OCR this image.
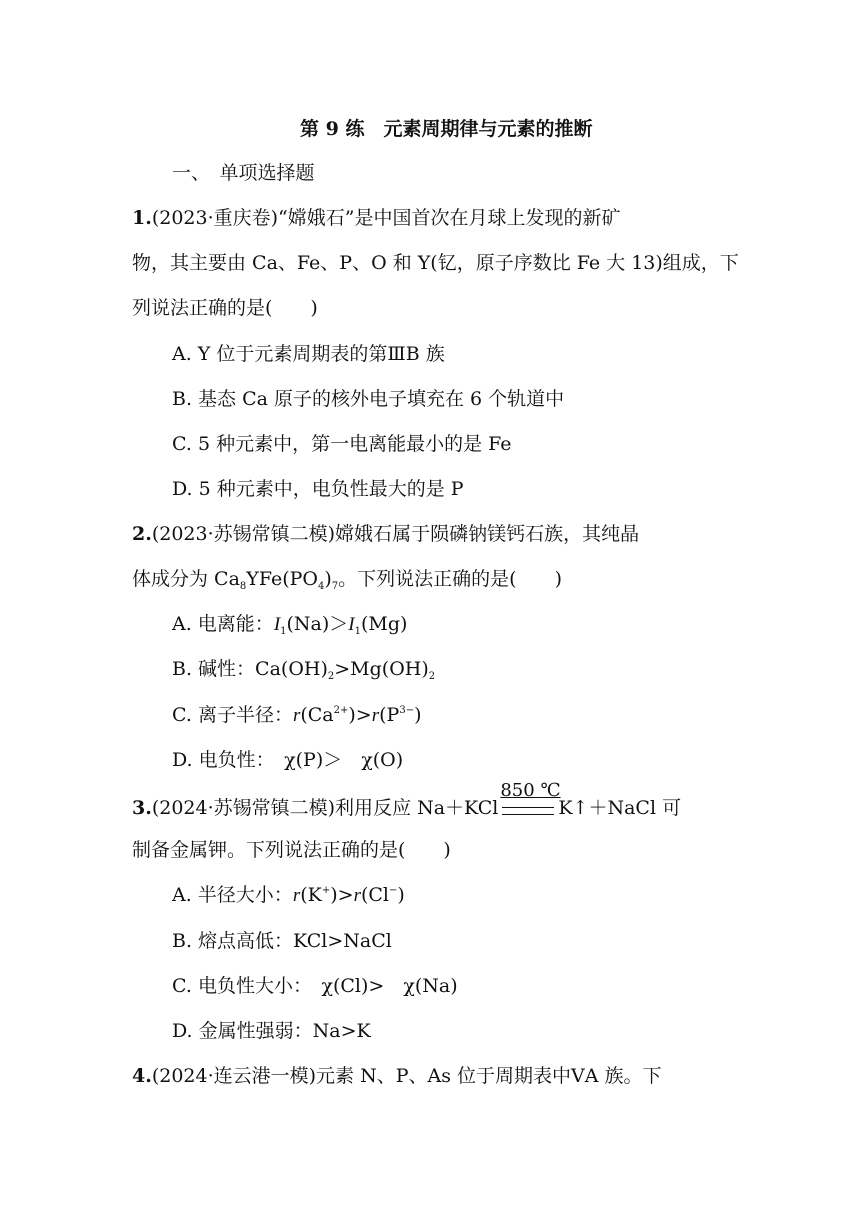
第 9 练　元素周期律与元素的推断
一、　单项选择题
1.(2023·重庆卷)“嫦娥石”是中国首次在月球上发现的新矿
物，其主要由 Ca、Fe、P、O 和 Y(钇，原子序数比 Fe 大 13)组成，下
列说法正确的是(　　)
A. Y 位于元素周期表的第ⅢB 族
B. 基态 Ca 原子的核外电子填充在 6 个轨道中
C. 5 种元素中，第一电离能最小的是 Fe
D. 5 种元素中，电负性最大的是 P
2.(2023·苏锡常镇二模)嫦娥石属于陨磷钠镁钙石族，其纯晶
体成分为 $Ca_8YFe(PO_4)_7$。下列说法正确的是(　　)
A. 电离能：$I_1(Na)>I_1(Mg)$
B. 碱性：$Ca(OH)_2>Mg(OH)_2$
C. 离子半径：$r(Ca^{2+})>r(P^{3-})$
D. 电负性：　χ(P)＞　χ(O)
3.(2024·苏锡常镇二模)利用反应 Na＋KCl
850 ℃
K↑＋NaCl 可
制备金属钾。下列说法正确的是(　　)
A. 半径大小：r(K+)>r(Cl−)
B. 熔点高低：KCl>NaCl
C. 电负性大小：　χ(Cl)>　χ(Na)
D. 金属性强弱：Na>K
4.(2024·连云港一模)元素 N、P、As 位于周期表中ⅤA 族。下
